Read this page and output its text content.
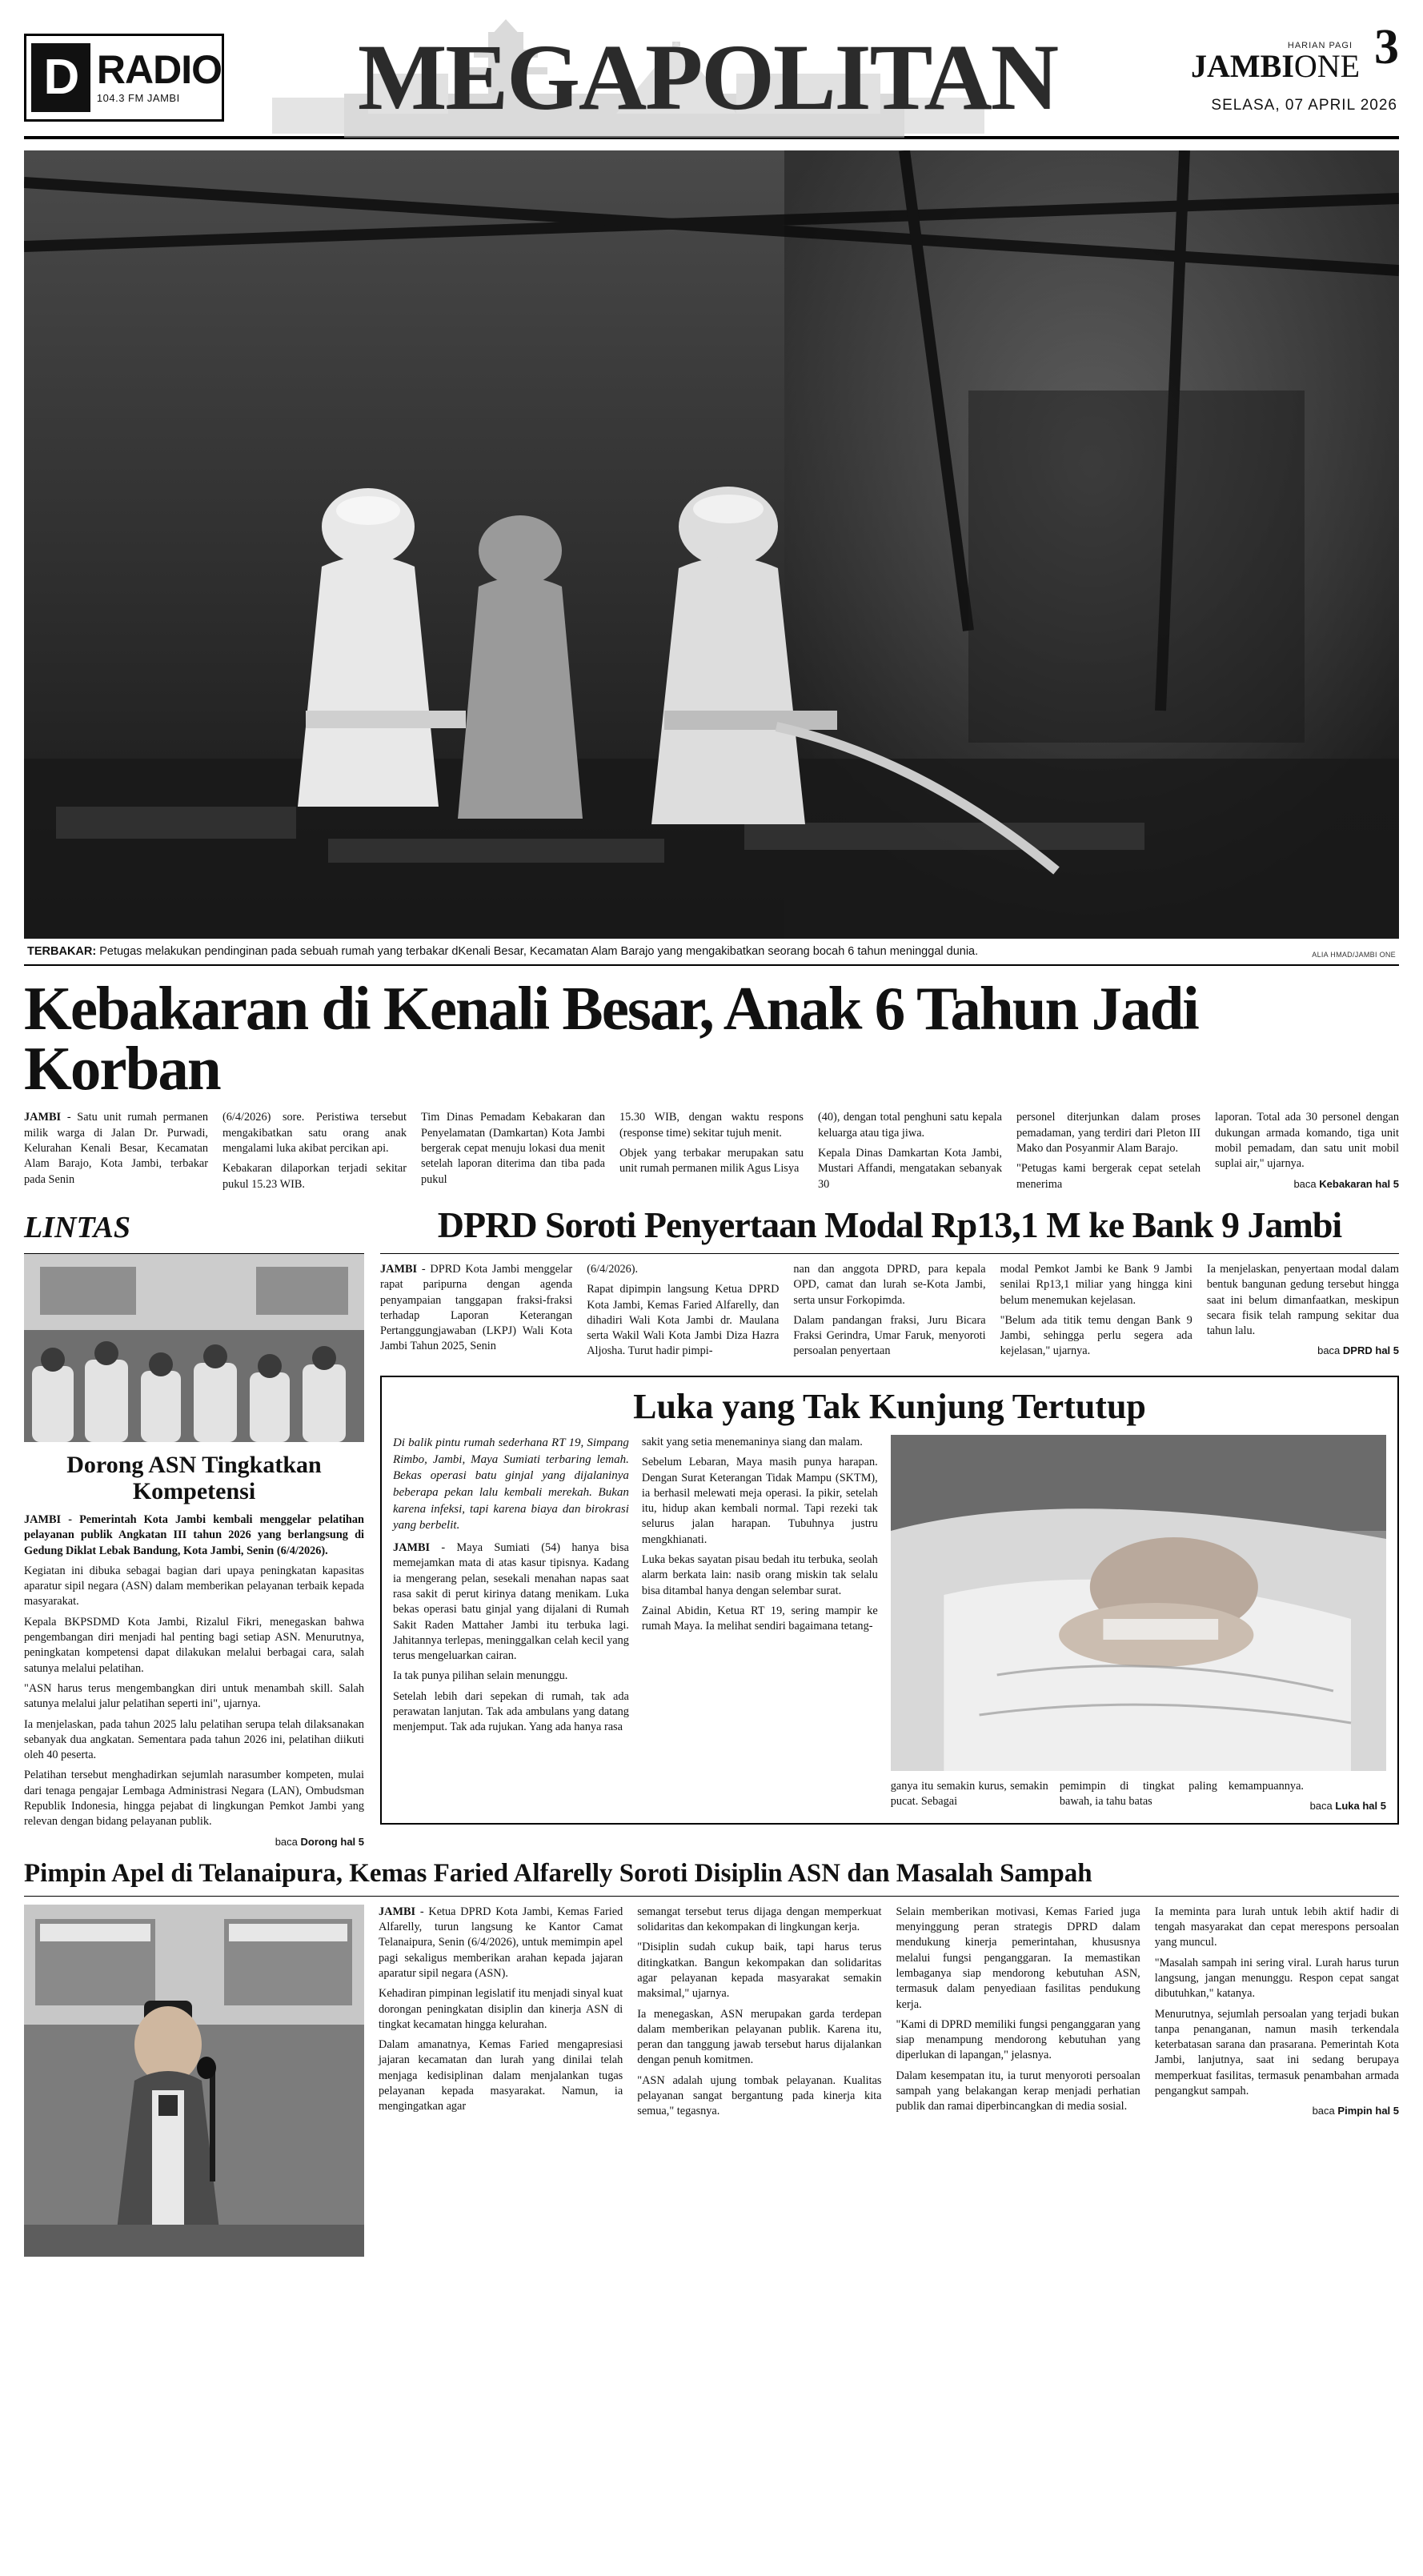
D RADIO
104.3 FM JAMBI	MEGAPOLITAN	3
HARIAN PAGI
JAMBIONE
SELASA, 07 APRIL 2026
TERBAKAR: Petugas melakukan pendinginan pada sebuah rumah yang terbakar dKenali Besar, Kecamatan Alam Barajo yang mengakibatkan seorang bocah 6 tahun meninggal dunia.	ALIA HMAD/JAMBI ONE
Kebakaran di Kenali Besar, Anak 6 Tahun Jadi Korban

JAMBI - Satu unit rumah permanen milik warga di Jalan Dr. Purwadi, Kelurahan Kenali Besar, Kecamatan Alam Barajo, Kota Jambi, terbakar pada Senin

(6/4/2026) sore. Peristiwa tersebut mengakibatkan satu orang anak mengalami luka akibat percikan api.

Kebakaran dilaporkan terjadi sekitar pukul 15.23 WIB.

Tim Dinas Pemadam Kebakaran dan Penyelamatan (Damkartan) Kota Jambi bergerak cepat menuju lokasi dua menit setelah laporan diterima dan tiba pada pukul

15.30 WIB, dengan waktu respons (response time) sekitar tujuh menit.

Objek yang terbakar merupakan satu unit rumah permanen milik Agus Lisya

(40), dengan total penghuni satu kepala keluarga atau tiga jiwa.

Kepala Dinas Damkartan Kota Jambi, Mustari Affandi, mengatakan sebanyak 30

personel diterjunkan dalam proses pemadaman, yang terdiri dari Pleton III Mako dan Posyanmir Alam Barajo.

"Petugas kami bergerak cepat setelah menerima

laporan. Total ada 30 personel dengan dukungan armada komando, tiga unit mobil pemadam, dan satu unit mobil suplai air," ujarnya.

baca Kebakaran hal 5
LINTAS
Dorong ASN Tingkatkan Kompetensi

JAMBI - Pemerintah Kota Jambi kembali menggelar pelatihan pelayanan publik Angkatan III tahun 2026 yang berlangsung di Gedung Diklat Lebak Bandung, Kota Jambi, Senin (6/4/2026).

Kegiatan ini dibuka sebagai bagian dari upaya peningkatan kapasitas aparatur sipil negara (ASN) dalam memberikan pelayanan terbaik kepada masyarakat.

Kepala BKPSDMD Kota Jambi, Rizalul Fikri, menegaskan bahwa pengembangan diri menjadi hal penting bagi setiap ASN. Menurutnya, peningkatan kompetensi dapat dilakukan melalui berbagai cara, salah satunya melalui pelatihan.

"ASN harus terus mengembangkan diri untuk menambah skill. Salah satunya melalui jalur pelatihan seperti ini", ujarnya.

Ia menjelaskan, pada tahun 2025 lalu pelatihan serupa telah dilaksanakan sebanyak dua angkatan. Sementara pada tahun 2026 ini, pelatihan diikuti oleh 40 peserta.

Pelatihan tersebut menghadirkan sejumlah narasumber kompeten, mulai dari tenaga pengajar Lembaga Administrasi Negara (LAN), Ombudsman Republik Indonesia, hingga pejabat di lingkungan Pemkot Jambi yang relevan dengan bidang pelayanan publik.

baca Dorong hal 5
DPRD Soroti Penyertaan Modal Rp13,1 M ke Bank 9 Jambi

JAMBI - DPRD Kota Jambi menggelar rapat paripurna dengan agenda penyampaian tanggapan fraksi-fraksi terhadap Laporan Keterangan Pertanggungjawaban (LKPJ) Wali Kota Jambi Tahun 2025, Senin

(6/4/2026).

Rapat dipimpin langsung Ketua DPRD Kota Jambi, Kemas Faried Alfarelly, dan dihadiri Wali Kota Jambi dr. Maulana serta Wakil Wali Kota Jambi Diza Hazra Aljosha. Turut hadir pimpi-

nan dan anggota DPRD, para kepala OPD, camat dan lurah se-Kota Jambi, serta unsur Forkopimda.

Dalam pandangan fraksi, Juru Bicara Fraksi Gerindra, Umar Faruk, menyoroti persoalan penyertaan

modal Pemkot Jambi ke Bank 9 Jambi senilai Rp13,1 miliar yang hingga kini belum menemukan kejelasan.

"Belum ada titik temu dengan Bank 9 Jambi, sehingga perlu segera ada kejelasan," ujarnya.

Ia menjelaskan, penyertaan modal dalam bentuk bangunan gedung tersebut hingga saat ini belum dimanfaatkan, meskipun secara fisik telah rampung sekitar dua tahun lalu.

baca DPRD hal 5
Luka yang Tak Kunjung Tertutup
Di balik pintu rumah sederhana RT 19, Simpang Rimbo, Jambi, Maya Sumiati terbaring lemah. Bekas operasi batu ginjal yang dijalaninya beberapa pekan lalu kembali merekah. Bukan karena infeksi, tapi karena biaya dan birokrasi yang berbelit.

JAMBI - Maya Sumiati (54) hanya bisa memejamkan mata di atas kasur tipisnya. Kadang ia mengerang pelan, sesekali menahan napas saat rasa sakit di perut kirinya datang menikam. Luka bekas operasi batu ginjal yang dijalani di Rumah Sakit Raden Mattaher Jambi itu terbuka lagi. Jahitannya terlepas, meninggalkan celah kecil yang terus mengeluarkan cairan.

Ia tak punya pilihan selain menunggu.

Setelah lebih dari sepekan di rumah, tak ada perawatan lanjutan. Tak ada ambulans yang datang menjemput. Tak ada rujukan. Yang ada hanya rasa

sakit yang setia menemaninya siang dan malam.

Sebelum Lebaran, Maya masih punya harapan. Dengan Surat Keterangan Tidak Mampu (SKTM), ia berhasil melewati meja operasi. Ia pikir, setelah itu, hidup akan kembali normal. Tapi rezeki tak selurus jalan harapan. Tubuhnya justru mengkhianati.

Luka bekas sayatan pisau bedah itu terbuka, seolah alarm berkata lain: nasib orang miskin tak selalu bisa ditambal hanya dengan selembar surat.

Zainal Abidin, Ketua RT 19, sering mampir ke rumah Maya. Ia melihat sendiri bagaimana tetang-

ganya itu semakin kurus, semakin pucat. Sebagai

pemimpin di tingkat paling bawah, ia tahu batas

kemampuannya.

baca Luka hal 5
Pimpin Apel di Telanaipura, Kemas Faried Alfarelly Soroti Disiplin ASN dan Masalah Sampah

JAMBI - Ketua DPRD Kota Jambi, Kemas Faried Alfarelly, turun langsung ke Kantor Camat Telanaipura, Senin (6/4/2026), untuk memimpin apel pagi sekaligus memberikan arahan kepada jajaran aparatur sipil negara (ASN).

Kehadiran pimpinan legislatif itu menjadi sinyal kuat dorongan peningkatan disiplin dan kinerja ASN di tingkat kecamatan hingga kelurahan.

Dalam amanatnya, Kemas Faried mengapresiasi jajaran kecamatan dan lurah yang dinilai telah menjaga kedisiplinan dalam menjalankan tugas pelayanan kepada masyarakat. Namun, ia mengingatkan agar

semangat tersebut terus dijaga dengan memperkuat solidaritas dan kekompakan di lingkungan kerja.

"Disiplin sudah cukup baik, tapi harus terus ditingkatkan. Bangun kekompakan dan solidaritas agar pelayanan kepada masyarakat semakin maksimal," ujarnya.

Ia menegaskan, ASN merupakan garda terdepan dalam memberikan pelayanan publik. Karena itu, peran dan tanggung jawab tersebut harus dijalankan dengan penuh komitmen.

"ASN adalah ujung tombak pelayanan. Kualitas pelayanan sangat bergantung pada kinerja kita semua," tegasnya.

Selain memberikan motivasi, Kemas Faried juga menyinggung peran strategis DPRD dalam mendukung kinerja pemerintahan, khususnya melalui fungsi penganggaran. Ia memastikan lembaganya siap mendorong kebutuhan ASN, termasuk dalam penyediaan fasilitas pendukung kerja.

"Kami di DPRD memiliki fungsi penganggaran yang siap menampung mendorong kebutuhan yang diperlukan di lapangan," jelasnya.

Dalam kesempatan itu, ia turut menyoroti persoalan sampah yang belakangan kerap menjadi perhatian publik dan ramai diperbincangkan di media sosial.

Ia meminta para lurah untuk lebih aktif hadir di tengah masyarakat dan cepat merespons persoalan yang muncul.

"Masalah sampah ini sering viral. Lurah harus turun langsung, jangan menunggu. Respon cepat sangat dibutuhkan," katanya.

Menurutnya, sejumlah persoalan yang terjadi bukan tanpa penanganan, namun masih terkendala keterbatasan sarana dan prasarana. Pemerintah Kota Jambi, lanjutnya, saat ini sedang berupaya memperkuat fasilitas, termasuk penambahan armada pengangkut sampah.

baca Pimpin hal 5
